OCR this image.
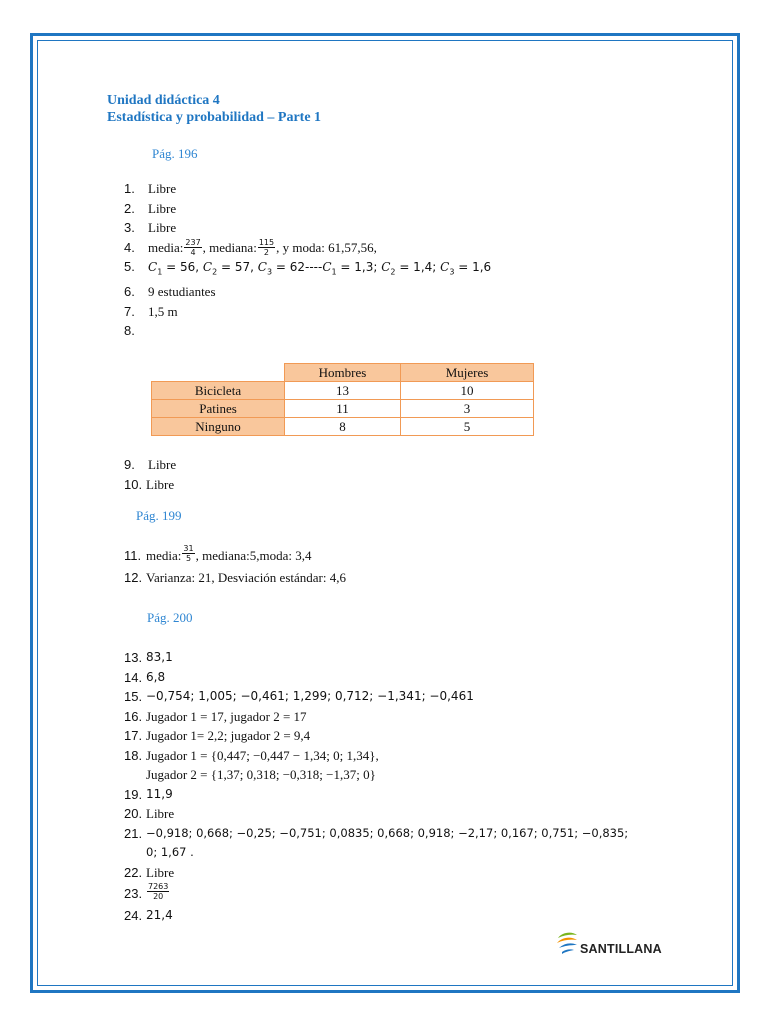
Unidad didáctica 4
Estadística y probabilidad – Parte 1
Pág. 196
1.	Libre
2.	Libre
3.	Libre
4.	media: $\frac{237}{4}$ , mediana: $\frac{115}{2}$ , y moda: 61,57,56,
5.	$C_1 = 56$, $C_2 = 57$, $C_3 = 62----C_1 = 1,3$; $C_2 = 1,4$; $C_3 = 1,6$
6.	9 estudiantes
7.	1,5 m
8.
	Hombres	Mujeres
Bicicleta	13	10
Patines	11	3
Ninguno	8	5
9.	Libre
10. Libre
Pág. 199
11. media: $\frac{31}{5}$ , mediana:5,moda: 3,4
12. Varianza: 21, Desviación estándar: 4,6
Pág. 200
13. 83,1
14. 6,8
15. −0,754; 1,005; −0,461; 1,299; 0,712; −1,341; −0,461
16. Jugador 1 = 17, jugador 2 = 17
17. Jugador 1= 2,2; jugador 2 = 9,4
18. Jugador 1 = {0,447; −0,447 − 1,34; 0; 1,34},
Jugador 2 = {1,37; 0,318; −0,318; −1,37; 0}
19. 11,9
20. Libre
21. −0,918; 0,668; −0,25; −0,751; 0,0835; 0,668; 0,918; −2,17; 0,167; 0,751; −0,835;
0; 1,67 .
22. Libre
23. $\frac{7263}{20}$
24. 21,4
SANTILLANA
